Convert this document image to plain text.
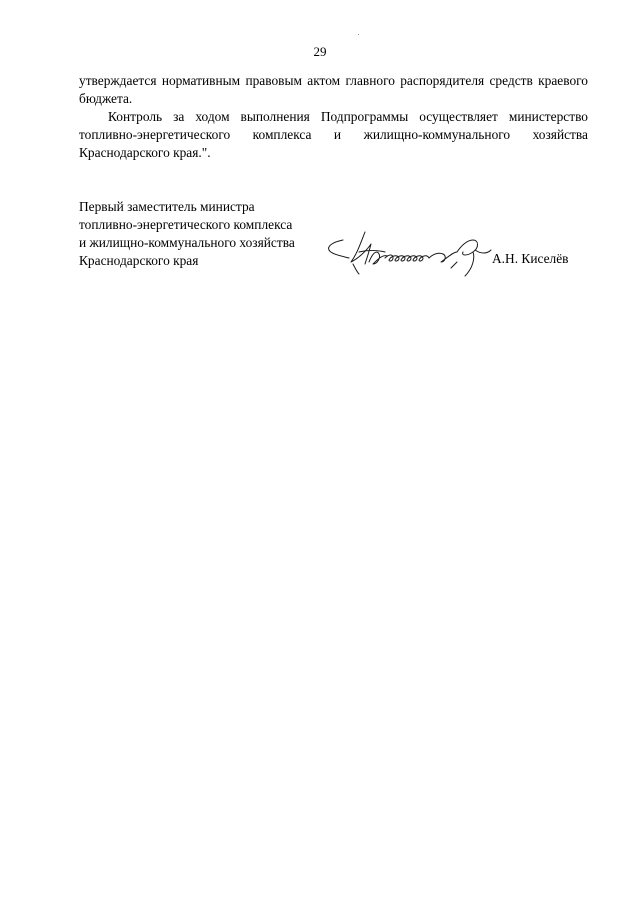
29

утверждается нормативным правовым актом главного распорядителя средств краевого бюджета.

Контроль за ходом выполнения Подпрограммы осуществляет министерство топливно-энергетического комплекса и жилищно-коммунального хозяйства Краснодарского края.".

Первый заместитель министра
топливно-энергетического комплекса
и жилищно-коммунального хозяйства
Краснодарского края	А.Н. Киселёв
